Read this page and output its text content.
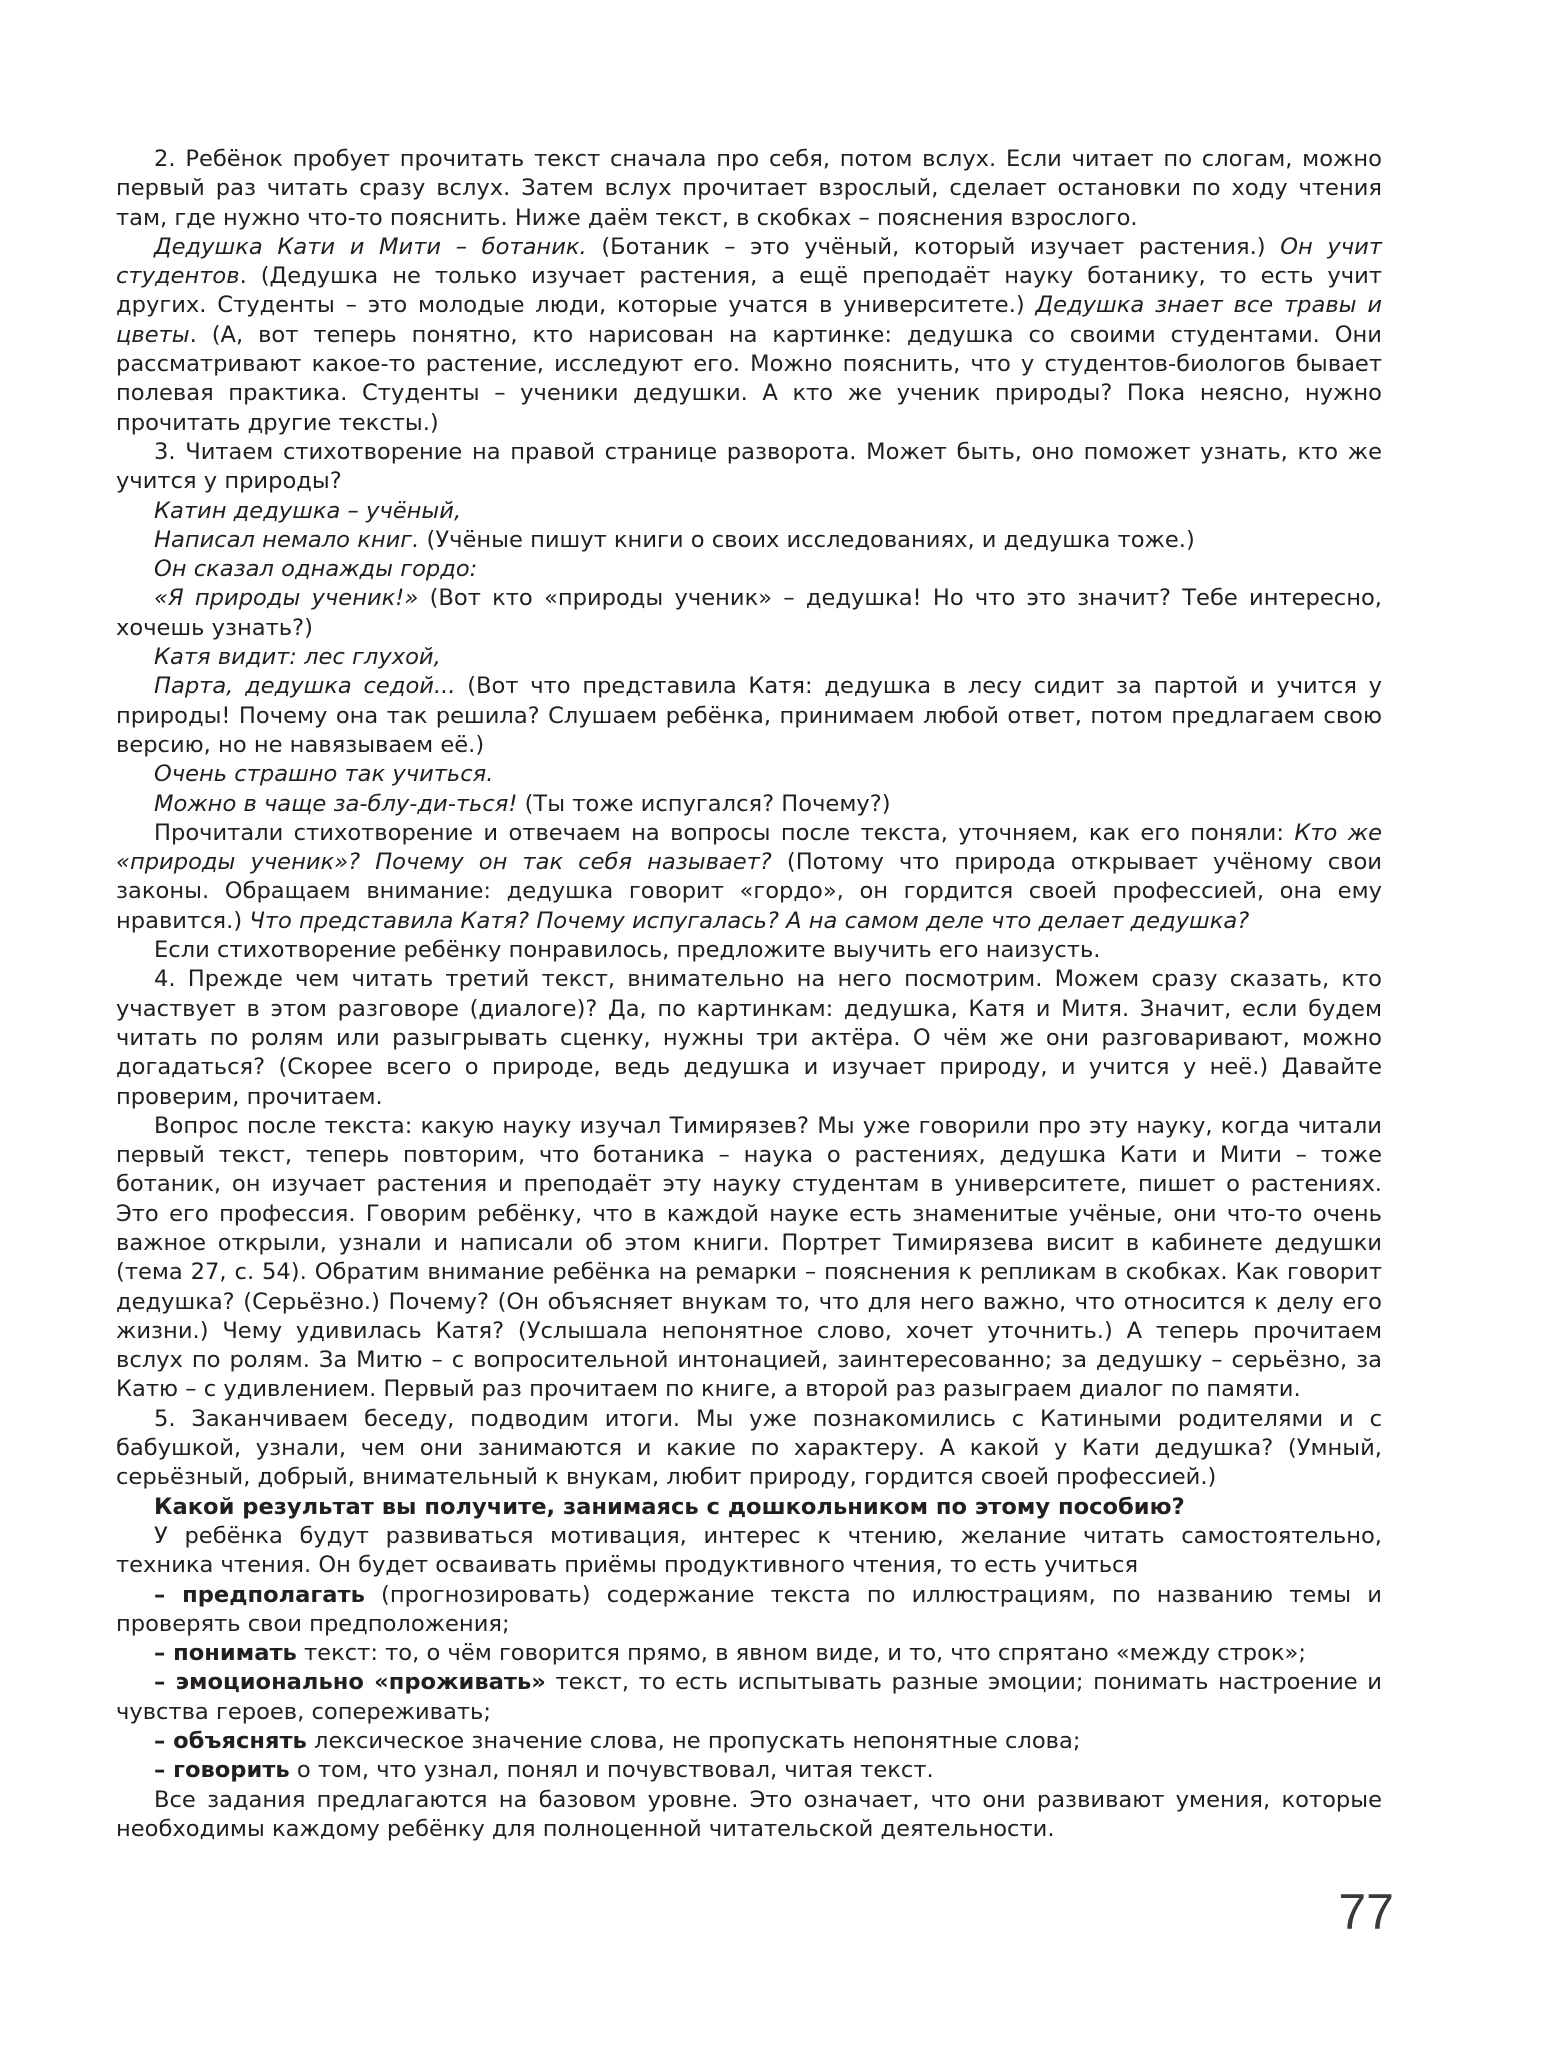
2. Ребёнок пробует прочитать текст сначала про себя, потом вслух. Если читает по слогам, можно первый раз читать сразу вслух. Затем вслух прочитает взрослый, сделает остановки по ходу чтения там, где нужно что-то пояснить. Ниже даём текст, в скобках – пояснения взрослого.

Дедушка Кати и Мити – ботаник. (Ботаник – это учёный, который изучает растения.) Он учит студентов. (Дедушка не только изучает растения, а ещё преподаёт науку ботанику, то есть учит других. Студенты – это молодые люди, которые учатся в университете.) Дедушка знает все травы и цветы. (А, вот теперь понятно, кто нарисован на картинке: дедушка со своими студентами. Они рассматривают какое-то растение, исследуют его. Можно пояснить, что у студентов-биологов бывает полевая практика. Студенты – ученики дедушки. А кто же ученик природы? Пока неясно, нужно прочитать другие тексты.)

3. Читаем стихотворение на правой странице разворота. Может быть, оно поможет узнать, кто же учится у природы?

Катин дедушка – учёный,

Написал немало книг. (Учёные пишут книги о своих исследованиях, и дедушка тоже.)

Он сказал однажды гордо:

«Я природы ученик!» (Вот кто «природы ученик» – дедушка! Но что это значит? Тебе интересно, хочешь узнать?)

Катя видит: лес глухой,

Парта, дедушка седой... (Вот что представила Катя: дедушка в лесу сидит за партой и учится у природы! Почему она так решила? Слушаем ребёнка, принимаем любой ответ, потом предлагаем свою версию, но не навязываем её.)

Очень страшно так учиться.

Можно в чаще за-блу-ди-ться! (Ты тоже испугался? Почему?)

Прочитали стихотворение и отвечаем на вопросы после текста, уточняем, как его поняли: Кто же «природы ученик»? Почему он так себя называет? (Потому что природа открывает учёному свои законы. Обращаем внимание: дедушка говорит «гордо», он гордится своей профессией, она ему нравится.) Что представила Катя? Почему испугалась? А на самом деле что делает дедушка?

Если стихотворение ребёнку понравилось, предложите выучить его наизусть.

4. Прежде чем читать третий текст, внимательно на него посмотрим. Можем сразу сказать, кто участвует в этом разговоре (диалоге)? Да, по картинкам: дедушка, Катя и Митя. Значит, если будем читать по ролям или разыгрывать сценку, нужны три актёра. О чём же они разговаривают, можно догадаться? (Скорее всего о природе, ведь дедушка и изучает природу, и учится у неё.) Давайте проверим, прочитаем.

Вопрос после текста: какую науку изучал Тимирязев? Мы уже говорили про эту науку, когда читали первый текст, теперь повторим, что ботаника – наука о растениях, дедушка Кати и Мити – тоже ботаник, он изучает растения и преподаёт эту науку студентам в университете, пишет о растениях. Это его профессия. Говорим ребёнку, что в каждой науке есть знаменитые учёные, они что-то очень важное открыли, узнали и написали об этом книги. Портрет Тимирязева висит в кабинете дедушки (тема 27, с. 54). Обратим внимание ребёнка на ремарки – пояснения к репликам в скобках. Как говорит дедушка? (Серьёзно.) Почему? (Он объясняет внукам то, что для него важно, что относится к делу его жизни.) Чему удивилась Катя? (Услышала непонятное слово, хочет уточнить.) А теперь прочитаем вслух по ролям. За Митю – с вопросительной интонацией, заинтересованно; за дедушку – серьёзно, за Катю – с удивлением. Первый раз прочитаем по книге, а второй раз разыграем диалог по памяти.

5. Заканчиваем беседу, подводим итоги. Мы уже познакомились с Катиными родителями и с бабушкой, узнали, чем они занимаются и какие по характеру. А какой у Кати дедушка? (Умный, серьёзный, добрый, внимательный к внукам, любит природу, гордится своей профессией.)

Какой результат вы получите, занимаясь с дошкольником по этому пособию?

У ребёнка будут развиваться мотивация, интерес к чтению, желание читать самостоятельно, техника чтения. Он будет осваивать приёмы продуктивного чтения, то есть учиться

– предполагать (прогнозировать) содержание текста по иллюстрациям, по названию темы и проверять свои предположения;

– понимать текст: то, о чём говорится прямо, в явном виде, и то, что спрятано «между строк»;

– эмоционально «проживать» текст, то есть испытывать разные эмоции; понимать настроение и чувства героев, сопереживать;

– объяснять лексическое значение слова, не пропускать непонятные слова;

– говорить о том, что узнал, понял и почувствовал, читая текст.

Все задания предлагаются на базовом уровне. Это означает, что они развивают умения, которые необходимы каждому ребёнку для полноценной читательской деятельности.

77
